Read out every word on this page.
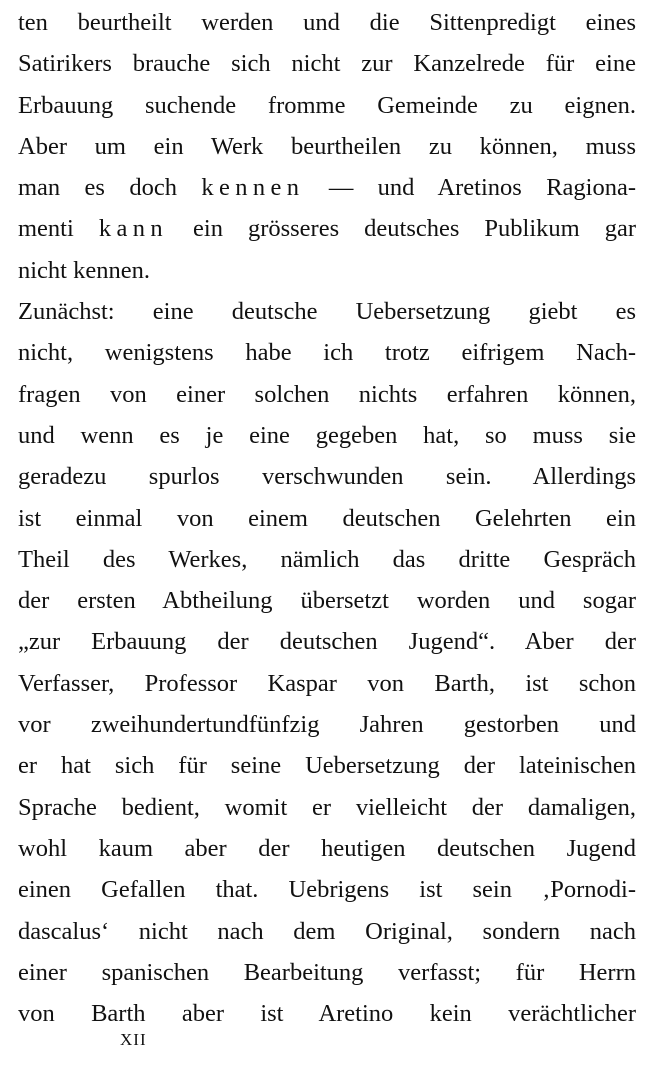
ten beurtheilt werden und die Sittenpredigt eines
Satirikers brauche sich nicht zur Kanzelrede für eine
Erbauung suchende fromme Gemeinde zu eignen.
Aber um ein Werk beurtheilen zu können, muss
man es doch kennen — und Aretinos Ragiona-
menti kann ein grösseres deutsches Publikum gar
nicht kennen.
Zunächst: eine deutsche Uebersetzung giebt es
nicht, wenigstens habe ich trotz eifrigem Nach-
fragen von einer solchen nichts erfahren können,
und wenn es je eine gegeben hat, so muss sie
geradezu spurlos verschwunden sein. Allerdings
ist einmal von einem deutschen Gelehrten ein
Theil des Werkes, nämlich das dritte Gespräch
der ersten Abtheilung übersetzt worden und sogar
„zur Erbauung der deutschen Jugend“. Aber der
Verfasser, Professor Kaspar von Barth, ist schon
vor zweihundertundfünfzig Jahren gestorben und
er hat sich für seine Uebersetzung der lateinischen
Sprache bedient, womit er vielleicht der damaligen,
wohl kaum aber der heutigen deutschen Jugend
einen Gefallen that. Uebrigens ist sein ‚Pornodi-
dascalus‘ nicht nach dem Original, sondern nach
einer spanischen Bearbeitung verfasst; für Herrn
von Barth aber ist Aretino kein verächtlicher
XII
